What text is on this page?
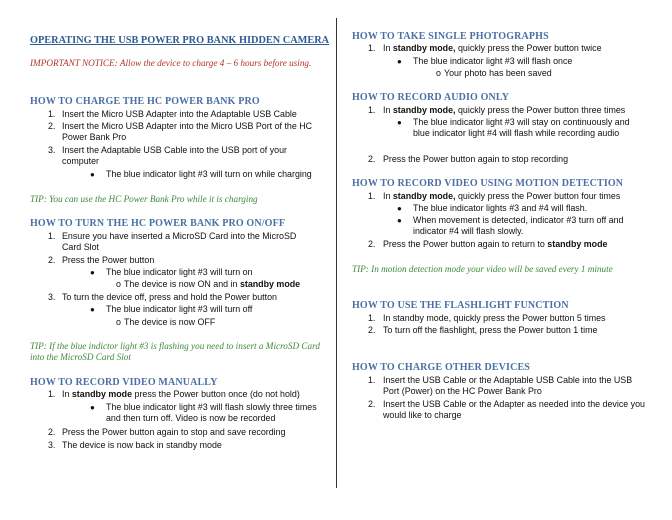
OPERATING THE USB POWER PRO BANK HIDDEN CAMERA
IMPORTANT NOTICE: Allow the device to charge 4 – 6 hours before using.
HOW TO CHARGE THE HC POWER BANK PRO
1. Insert the Micro USB Adapter into the Adaptable USB Cable
2. Insert the Micro USB Adapter into the Micro USB Port of the HC Power Bank Pro
3. Insert the Adaptable USB Cable into the USB port of your computer
● The blue indicator light #3 will turn on while charging
TIP: You can use the HC Power Bank Pro while it is charging
HOW TO TURN THE HC POWER BANK PRO ON/OFF
1. Ensure you have inserted a MicroSD Card into the MicroSD Card Slot
2. Press the Power button
● The blue indicator light #3 will turn on
o The device is now ON and in standby mode
3. To turn the device off, press and hold the Power button
● The blue indicator light #3 will turn off
o The device is now OFF
TIP: If the blue indictor light #3 is flashing you need to insert a MicroSD Card into the MicroSD Card Slot
HOW TO RECORD VIDEO MANUALLY
1. In standby mode press the Power button once (do not hold)
● The blue indicator light #3 will flash slowly three times and then turn off. Video is now be recorded
2. Press the Power button again to stop and save recording
3. The device is now back in standby mode
HOW TO TAKE SINGLE PHOTOGRAPHS
1. In standby mode, quickly press the Power button twice
● The blue indicator light #3 will flash once
o Your photo has been saved
HOW TO RECORD AUDIO ONLY
1. In standby mode, quickly press the Power button three times
● The blue indicator light #3 will stay on continuously and blue indicator light #4 will flash while recording audio
2. Press the Power button again to stop recording
HOW TO RECORD VIDEO USING MOTION DETECTION
1. In standby mode, quickly press the Power button four times
● The blue indicator lights #3 and #4 will flash.
● When movement is detected, indicator #3 turn off and indicator #4 will flash slowly.
2. Press the Power button again to return to standby mode
TIP: In motion detection mode your video will be saved every 1 minute
HOW TO USE THE FLASHLIGHT FUNCTION
1. In standby mode, quickly press the Power button 5 times
2. To turn off the flashlight, press the Power button 1 time
HOW TO CHARGE OTHER DEVICES
1. Insert the USB Cable or the Adaptable USB Cable into the USB Port (Power) on the HC Power Bank Pro
2. Insert the USB Cable or the Adapter as needed into the device you would like to charge
